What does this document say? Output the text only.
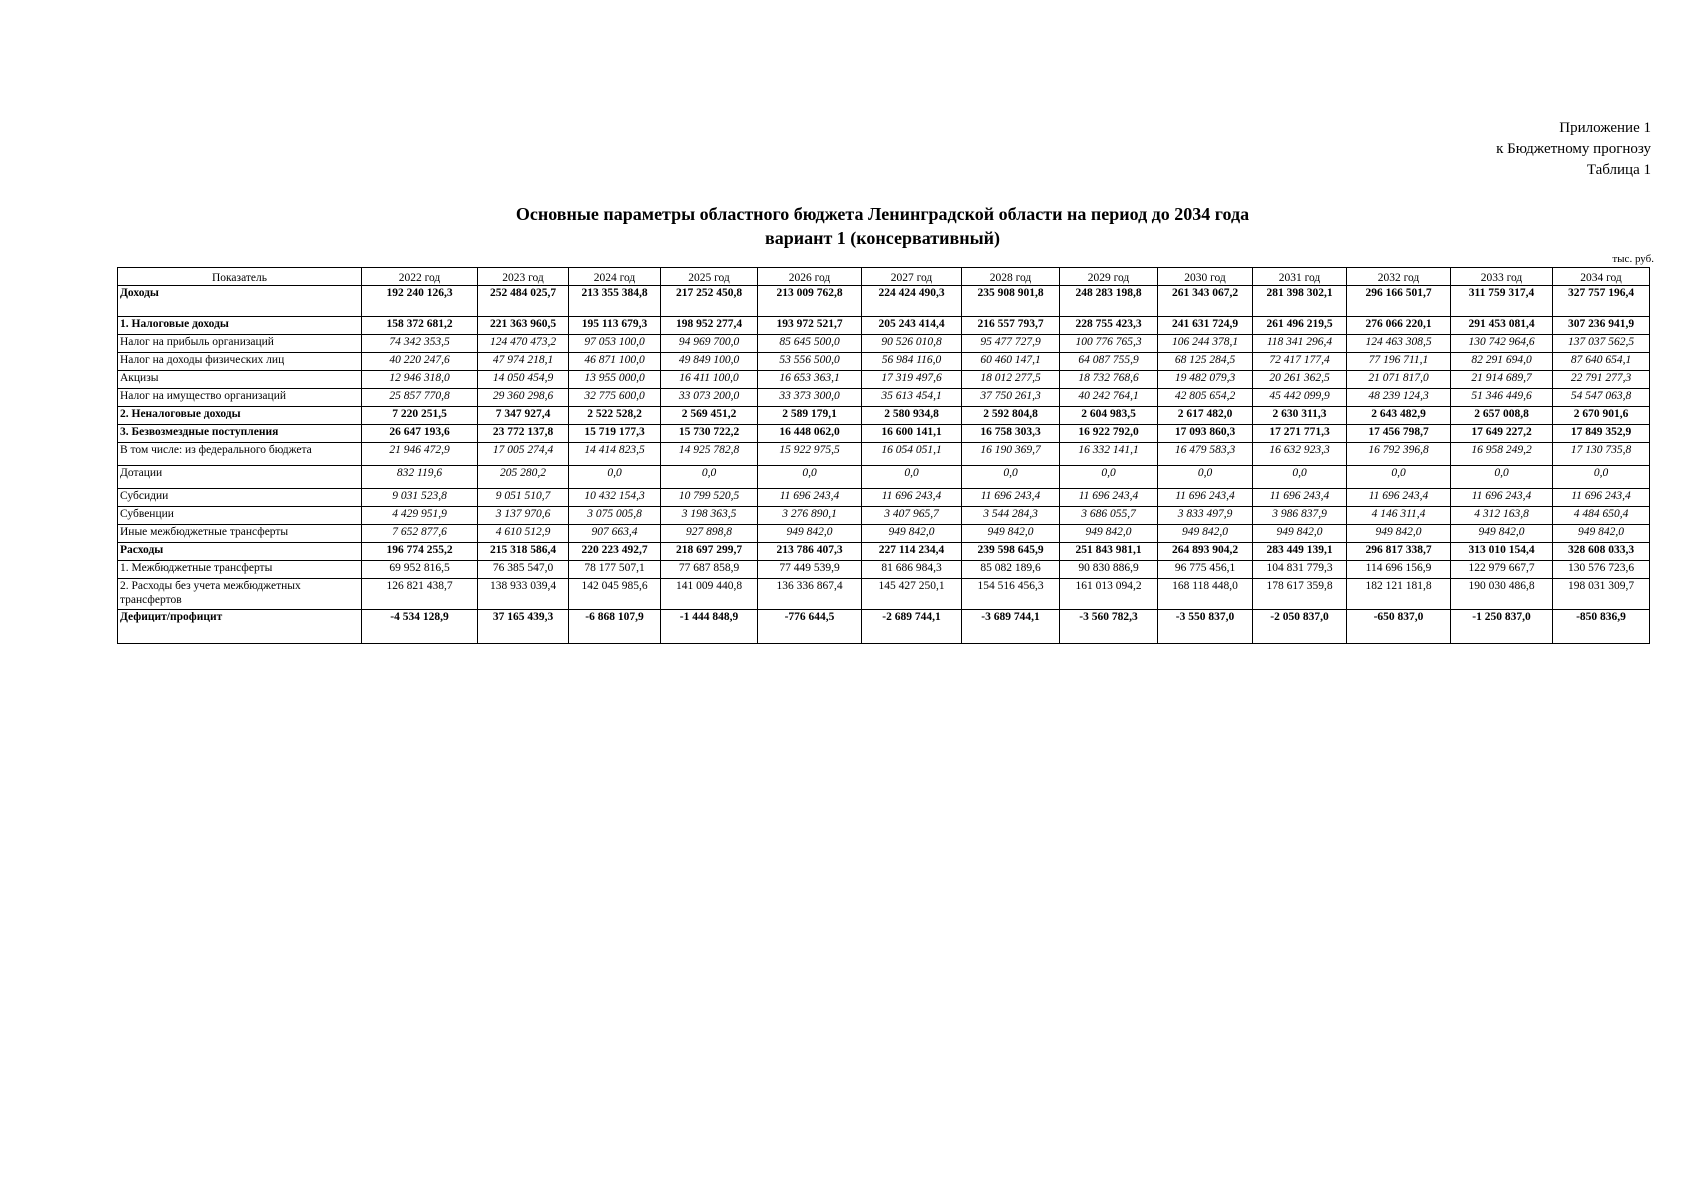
Приложение 1
к Бюджетному прогнозу
Таблица 1
Основные параметры областного бюджета Ленинградской области на период до 2034 года
вариант 1 (консервативный)
тыс. руб.
Показатель	2022 год	2023 год	2024 год	2025 год	2026 год	2027 год	2028 год	2029 год	2030 год	2031 год	2032 год	2033 год	2034 год
Доходы	192 240 126,3	252 484 025,7	213 355 384,8	217 252 450,8	213 009 762,8	224 424 490,3	235 908 901,8	248 283 198,8	261 343 067,2	281 398 302,1	296 166 501,7	311 759 317,4	327 757 196,4
1. Налоговые доходы	158 372 681,2	221 363 960,5	195 113 679,3	198 952 277,4	193 972 521,7	205 243 414,4	216 557 793,7	228 755 423,3	241 631 724,9	261 496 219,5	276 066 220,1	291 453 081,4	307 236 941,9
Налог на прибыль организаций	74 342 353,5	124 470 473,2	97 053 100,0	94 969 700,0	85 645 500,0	90 526 010,8	95 477 727,9	100 776 765,3	106 244 378,1	118 341 296,4	124 463 308,5	130 742 964,6	137 037 562,5
Налог на доходы физических лиц	40 220 247,6	47 974 218,1	46 871 100,0	49 849 100,0	53 556 500,0	56 984 116,0	60 460 147,1	64 087 755,9	68 125 284,5	72 417 177,4	77 196 711,1	82 291 694,0	87 640 654,1
Акцизы	12 946 318,0	14 050 454,9	13 955 000,0	16 411 100,0	16 653 363,1	17 319 497,6	18 012 277,5	18 732 768,6	19 482 079,3	20 261 362,5	21 071 817,0	21 914 689,7	22 791 277,3
Налог на имущество организаций	25 857 770,8	29 360 298,6	32 775 600,0	33 073 200,0	33 373 300,0	35 613 454,1	37 750 261,3	40 242 764,1	42 805 654,2	45 442 099,9	48 239 124,3	51 346 449,6	54 547 063,8
2. Неналоговые доходы	7 220 251,5	7 347 927,4	2 522 528,2	2 569 451,2	2 589 179,1	2 580 934,8	2 592 804,8	2 604 983,5	2 617 482,0	2 630 311,3	2 643 482,9	2 657 008,8	2 670 901,6
3. Безвозмездные поступления	26 647 193,6	23 772 137,8	15 719 177,3	15 730 722,2	16 448 062,0	16 600 141,1	16 758 303,3	16 922 792,0	17 093 860,3	17 271 771,3	17 456 798,7	17 649 227,2	17 849 352,9
В том числе: из федерального бюджета	21 946 472,9	17 005 274,4	14 414 823,5	14 925 782,8	15 922 975,5	16 054 051,1	16 190 369,7	16 332 141,1	16 479 583,3	16 632 923,3	16 792 396,8	16 958 249,2	17 130 735,8
Дотации	832 119,6	205 280,2	0,0	0,0	0,0	0,0	0,0	0,0	0,0	0,0	0,0	0,0	0,0
Субсидии	9 031 523,8	9 051 510,7	10 432 154,3	10 799 520,5	11 696 243,4	11 696 243,4	11 696 243,4	11 696 243,4	11 696 243,4	11 696 243,4	11 696 243,4	11 696 243,4	11 696 243,4
Субвенции	4 429 951,9	3 137 970,6	3 075 005,8	3 198 363,5	3 276 890,1	3 407 965,7	3 544 284,3	3 686 055,7	3 833 497,9	3 986 837,9	4 146 311,4	4 312 163,8	4 484 650,4
Иные межбюджетные трансферты	7 652 877,6	4 610 512,9	907 663,4	927 898,8	949 842,0	949 842,0	949 842,0	949 842,0	949 842,0	949 842,0	949 842,0	949 842,0	949 842,0
Расходы	196 774 255,2	215 318 586,4	220 223 492,7	218 697 299,7	213 786 407,3	227 114 234,4	239 598 645,9	251 843 981,1	264 893 904,2	283 449 139,1	296 817 338,7	313 010 154,4	328 608 033,3
1. Межбюджетные трансферты	69 952 816,5	76 385 547,0	78 177 507,1	77 687 858,9	77 449 539,9	81 686 984,3	85 082 189,6	90 830 886,9	96 775 456,1	104 831 779,3	114 696 156,9	122 979 667,7	130 576 723,6
2. Расходы без учета межбюджетных трансфертов	126 821 438,7	138 933 039,4	142 045 985,6	141 009 440,8	136 336 867,4	145 427 250,1	154 516 456,3	161 013 094,2	168 118 448,0	178 617 359,8	182 121 181,8	190 030 486,8	198 031 309,7
Дефицит/профицит	-4 534 128,9	37 165 439,3	-6 868 107,9	-1 444 848,9	-776 644,5	-2 689 744,1	-3 689 744,1	-3 560 782,3	-3 550 837,0	-2 050 837,0	-650 837,0	-1 250 837,0	-850 836,9
